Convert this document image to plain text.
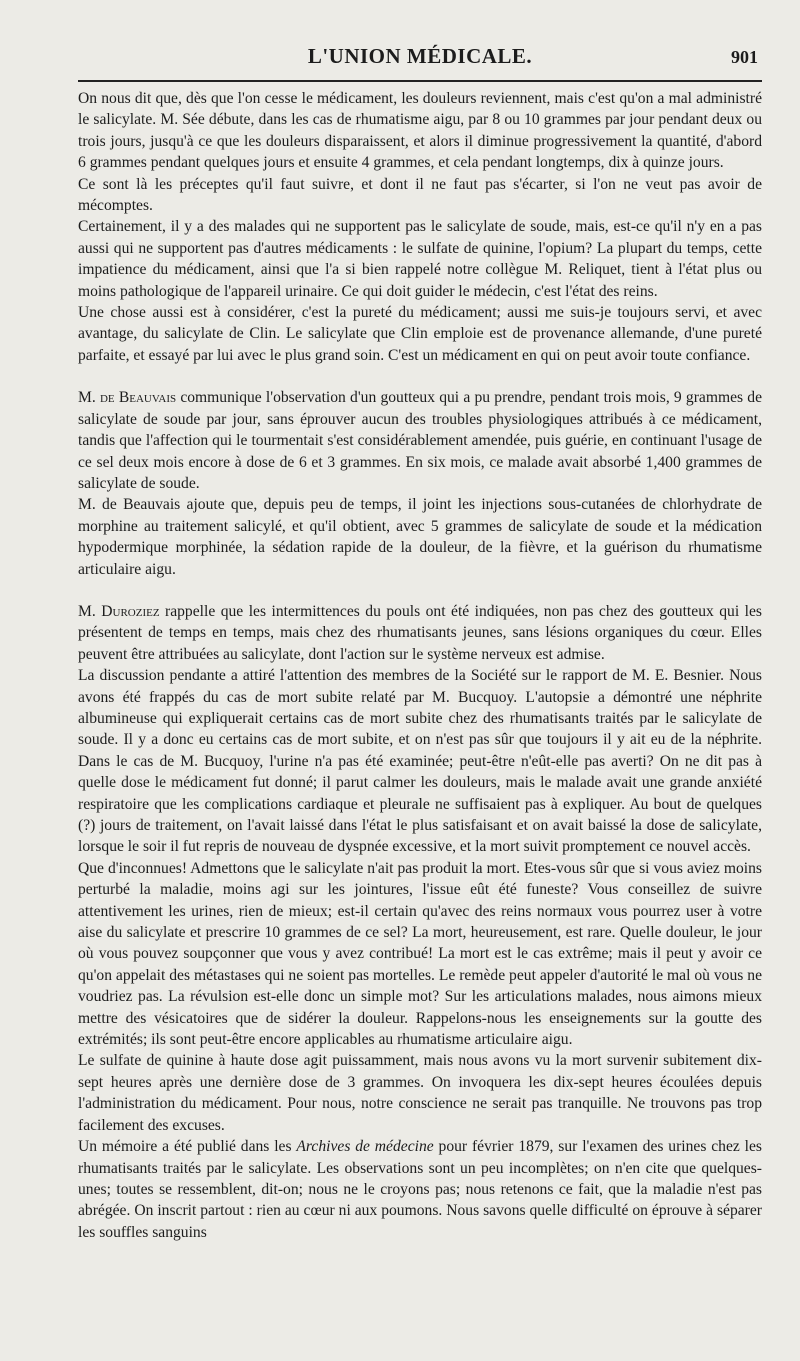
L'UNION MÉDICALE.	901

On nous dit que, dès que l'on cesse le médicament, les douleurs reviennent, mais c'est qu'on a mal administré le salicylate. M. Sée débute, dans les cas de rhumatisme aigu, par 8 ou 10 grammes par jour pendant deux ou trois jours, jusqu'à ce que les douleurs disparaissent, et alors il diminue progressivement la quantité, d'abord 6 grammes pendant quelques jours et ensuite 4 grammes, et cela pendant longtemps, dix à quinze jours.

Ce sont là les préceptes qu'il faut suivre, et dont il ne faut pas s'écarter, si l'on ne veut pas avoir de mécomptes.

Certainement, il y a des malades qui ne supportent pas le salicylate de soude, mais, est-ce qu'il n'y en a pas aussi qui ne supportent pas d'autres médicaments : le sulfate de quinine, l'opium? La plupart du temps, cette impatience du médicament, ainsi que l'a si bien rappelé notre collègue M. Reliquet, tient à l'état plus ou moins pathologique de l'appareil urinaire. Ce qui doit guider le médecin, c'est l'état des reins.

Une chose aussi est à considérer, c'est la pureté du médicament; aussi me suis-je toujours servi, et avec avantage, du salicylate de Clin. Le salicylate que Clin emploie est de provenance allemande, d'une pureté parfaite, et essayé par lui avec le plus grand soin. C'est un médicament en qui on peut avoir toute confiance.

M. de Beauvais communique l'observation d'un goutteux qui a pu prendre, pendant trois mois, 9 grammes de salicylate de soude par jour, sans éprouver aucun des troubles physiologiques attribués à ce médicament, tandis que l'affection qui le tourmentait s'est considérablement amendée, puis guérie, en continuant l'usage de ce sel deux mois encore à dose de 6 et 3 grammes. En six mois, ce malade avait absorbé 1,400 grammes de salicylate de soude.

M. de Beauvais ajoute que, depuis peu de temps, il joint les injections sous-cutanées de chlorhydrate de morphine au traitement salicylé, et qu'il obtient, avec 5 grammes de salicylate de soude et la médication hypodermique morphinée, la sédation rapide de la douleur, de la fièvre, et la guérison du rhumatisme articulaire aigu.

M. Duroziez rappelle que les intermittences du pouls ont été indiquées, non pas chez des goutteux qui les présentent de temps en temps, mais chez des rhumatisants jeunes, sans lésions organiques du cœur. Elles peuvent être attribuées au salicylate, dont l'action sur le système nerveux est admise.

La discussion pendante a attiré l'attention des membres de la Société sur le rapport de M. E. Besnier. Nous avons été frappés du cas de mort subite relaté par M. Bucquoy. L'autopsie a démontré une néphrite albumineuse qui expliquerait certains cas de mort subite chez des rhumatisants traités par le salicylate de soude. Il y a donc eu certains cas de mort subite, et on n'est pas sûr que toujours il y ait eu de la néphrite. Dans le cas de M. Bucquoy, l'urine n'a pas été examinée; peut-être n'eût-elle pas averti? On ne dit pas à quelle dose le médicament fut donné; il parut calmer les douleurs, mais le malade avait une grande anxiété respiratoire que les complications cardiaque et pleurale ne suffisaient pas à expliquer. Au bout de quelques (?) jours de traitement, on l'avait laissé dans l'état le plus satisfaisant et on avait baissé la dose de salicylate, lorsque le soir il fut repris de nouveau de dyspnée excessive, et la mort suivit promptement ce nouvel accès.

Que d'inconnues! Admettons que le salicylate n'ait pas produit la mort. Etes-vous sûr que si vous aviez moins perturbé la maladie, moins agi sur les jointures, l'issue eût été funeste? Vous conseillez de suivre attentivement les urines, rien de mieux; est-il certain qu'avec des reins normaux vous pourrez user à votre aise du salicylate et prescrire 10 grammes de ce sel? La mort, heureusement, est rare. Quelle douleur, le jour où vous pouvez soupçonner que vous y avez contribué! La mort est le cas extrême; mais il peut y avoir ce qu'on appelait des métastases qui ne soient pas mortelles. Le remède peut appeler d'autorité le mal où vous ne voudriez pas. La révulsion est-elle donc un simple mot? Sur les articulations malades, nous aimons mieux mettre des vésicatoires que de sidérer la douleur. Rappelons-nous les enseignements sur la goutte des extrémités; ils sont peut-être encore applicables au rhumatisme articulaire aigu.

Le sulfate de quinine à haute dose agit puissamment, mais nous avons vu la mort survenir subitement dix-sept heures après une dernière dose de 3 grammes. On invoquera les dix-sept heures écoulées depuis l'administration du médicament. Pour nous, notre conscience ne serait pas tranquille. Ne trouvons pas trop facilement des excuses.

Un mémoire a été publié dans les Archives de médecine pour février 1879, sur l'examen des urines chez les rhumatisants traités par le salicylate. Les observations sont un peu incomplètes; on n'en cite que quelques-unes; toutes se ressemblent, dit-on; nous ne le croyons pas; nous retenons ce fait, que la maladie n'est pas abrégée. On inscrit partout : rien au cœur ni aux poumons. Nous savons quelle difficulté on éprouve à séparer les souffles sanguins
